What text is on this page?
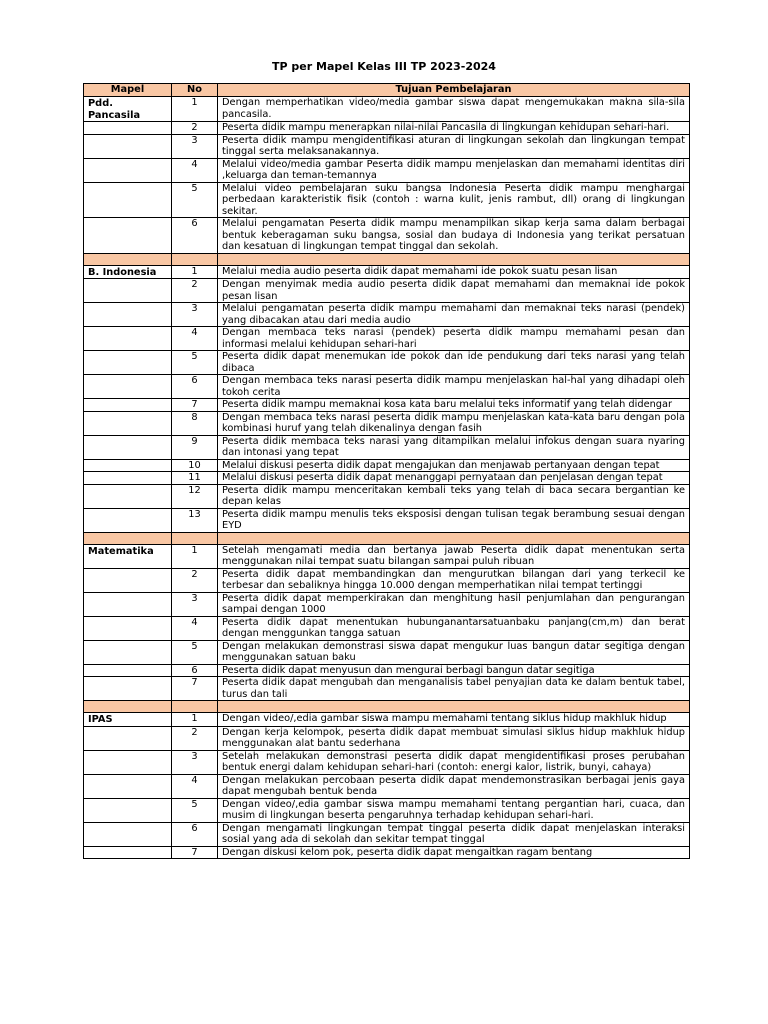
TP per Mapel Kelas III TP 2023-2024
Mapel	No	Tujuan Pembelajaran
Pdd. Pancasila	1	Dengan memperhatikan video/media gambar siswa dapat mengemukakan makna sila-sila pancasila.
	2	Peserta didik mampu menerapkan nilai-nilai Pancasila di lingkungan kehidupan sehari-hari.
	3	Peserta didik mampu mengidentifikasi aturan di lingkungan sekolah dan lingkungan tempat tinggal serta melaksanakannya.
	4	Melalui video/media gambar Peserta didik mampu menjelaskan dan memahami identitas diri ,keluarga dan teman-temannya
	5	Melalui video pembelajaran suku bangsa Indonesia Peserta didik mampu menghargai perbedaan karakteristik fisik (contoh : warna kulit, jenis rambut, dll) orang di lingkungan sekitar.
	6	Melalui pengamatan Peserta didik mampu menampilkan sikap kerja sama dalam berbagai bentuk keberagaman suku bangsa, sosial dan budaya di Indonesia yang terikat persatuan dan kesatuan di lingkungan tempat tinggal dan sekolah.

B. Indonesia	1	Melalui media audio peserta didik dapat memahami ide pokok suatu pesan lisan
	2	Dengan menyimak media audio peserta didik dapat memahami dan memaknai ide pokok pesan lisan
	3	Melalui pengamatan peserta didik mampu memahami dan memaknai teks narasi (pendek) yang dibacakan atau dari media audio
	4	Dengan membaca teks narasi (pendek) peserta didik mampu memahami pesan dan informasi melalui kehidupan sehari-hari
	5	Peserta didik dapat menemukan ide pokok dan ide pendukung dari teks narasi yang telah dibaca
	6	Dengan membaca teks narasi peserta didik mampu menjelaskan hal-hal yang dihadapi oleh tokoh cerita
	7	Peserta didik mampu memaknai kosa kata baru melalui teks informatif yang telah didengar
	8	Dengan membaca teks narasi peserta didik mampu menjelaskan kata-kata baru dengan pola kombinasi huruf yang telah dikenalinya dengan fasih
	9	Peserta didik membaca teks narasi yang ditampilkan melalui infokus dengan suara nyaring dan intonasi yang tepat
	10	Melalui diskusi peserta didik dapat mengajukan dan menjawab pertanyaan dengan tepat
	11	Melalui diskusi peserta didik dapat menanggapi pernyataan dan penjelasan dengan tepat
	12	Peserta didik mampu menceritakan kembali teks yang telah di baca secara bergantian ke depan kelas
	13	Peserta didik mampu menulis teks eksposisi dengan tulisan tegak berambung sesuai dengan EYD

Matematika	1	Setelah mengamati media dan bertanya jawab Peserta didik dapat menentukan serta menggunakan nilai tempat suatu bilangan sampai puluh ribuan
	2	Peserta didik dapat membandingkan dan mengurutkan bilangan dari yang terkecil ke terbesar dan sebaliknya hingga 10.000 dengan memperhatikan nilai tempat tertinggi
	3	Peserta didik dapat memperkirakan dan menghitung hasil penjumlahan dan pengurangan sampai dengan 1000
	4	Peserta didik dapat menentukan hubunganantarsatuanbaku panjang(cm,m) dan berat dengan menggunkan tangga satuan
	5	Dengan melakukan demonstrasi siswa dapat mengukur luas bangun datar segitiga dengan menggunakan satuan baku
	6	Peserta didik dapat menyusun dan mengurai berbagi bangun datar segitiga
	7	Peserta didik dapat mengubah dan menganalisis tabel penyajian data ke dalam bentuk tabel, turus dan tali

IPAS	1	Dengan video/,edia gambar siswa mampu memahami tentang siklus hidup makhluk hidup
	2	Dengan kerja kelompok, peserta didik dapat membuat simulasi siklus hidup makhluk hidup menggunakan alat bantu sederhana
	3	Setelah melakukan demonstrasi peserta didik dapat mengidentifikasi proses perubahan bentuk energi dalam kehidupan sehari-hari (contoh: energi kalor, listrik, bunyi, cahaya)
	4	Dengan melakukan percobaan peserta didik dapat mendemonstrasikan berbagai jenis gaya dapat mengubah bentuk benda
	5	Dengan video/,edia gambar siswa mampu memahami tentang pergantian hari, cuaca, dan musim di lingkungan beserta pengaruhnya terhadap kehidupan sehari-hari.
	6	Dengan mengamati lingkungan tempat tinggal peserta didik dapat menjelaskan interaksi sosial yang ada di sekolah dan sekitar tempat tinggal
	7	Dengan diskusi kelom pok, peserta didik dapat mengaitkan ragam bentang
